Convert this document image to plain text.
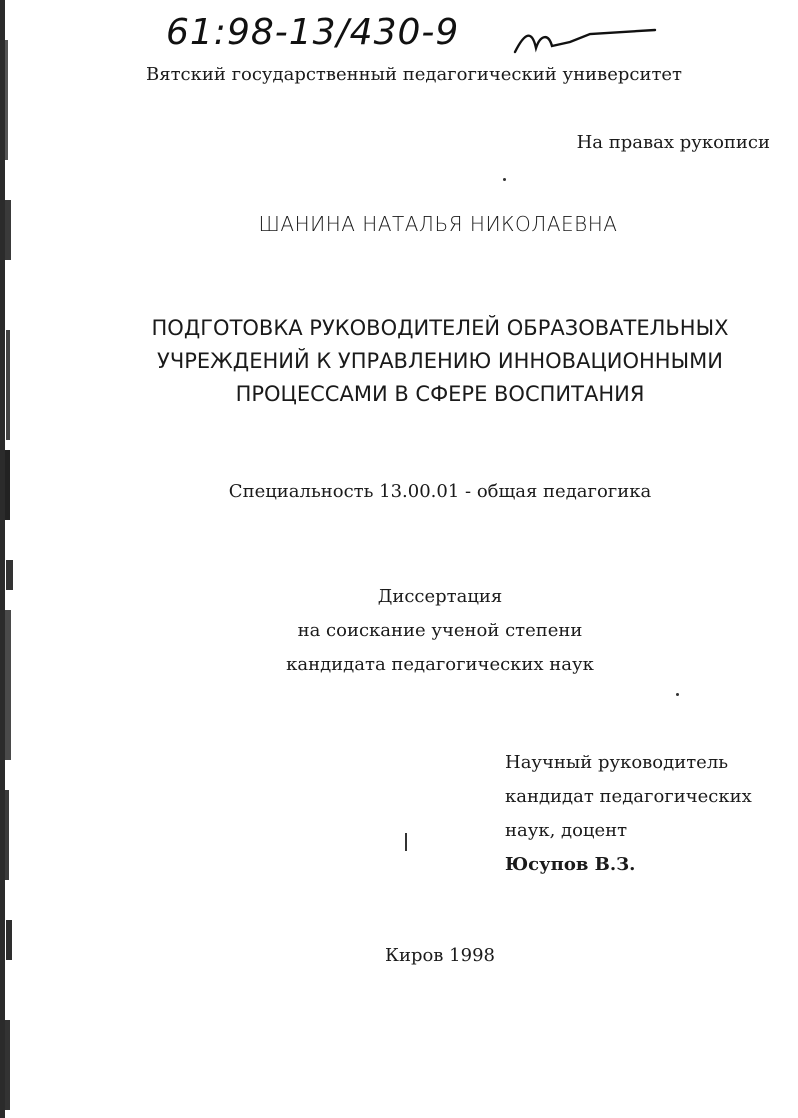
61:98-13/430-9
Вятский государственный педагогический университет
На правах рукописи
ШАНИНА НАТАЛЬЯ НИКОЛАЕВНА
ПОДГОТОВКА РУКОВОДИТЕЛЕЙ ОБРАЗОВАТЕЛЬНЫХ
УЧРЕЖДЕНИЙ К УПРАВЛЕНИЮ ИННОВАЦИОННЫМИ
ПРОЦЕССАМИ В СФЕРЕ ВОСПИТАНИЯ
Специальность 13.00.01 - общая педагогика
Диссертация
на соискание ученой степени
кандидата педагогических наук
Научный руководитель
кандидат педагогических
наук, доцент
Юсупов В.З.
Киров 1998
